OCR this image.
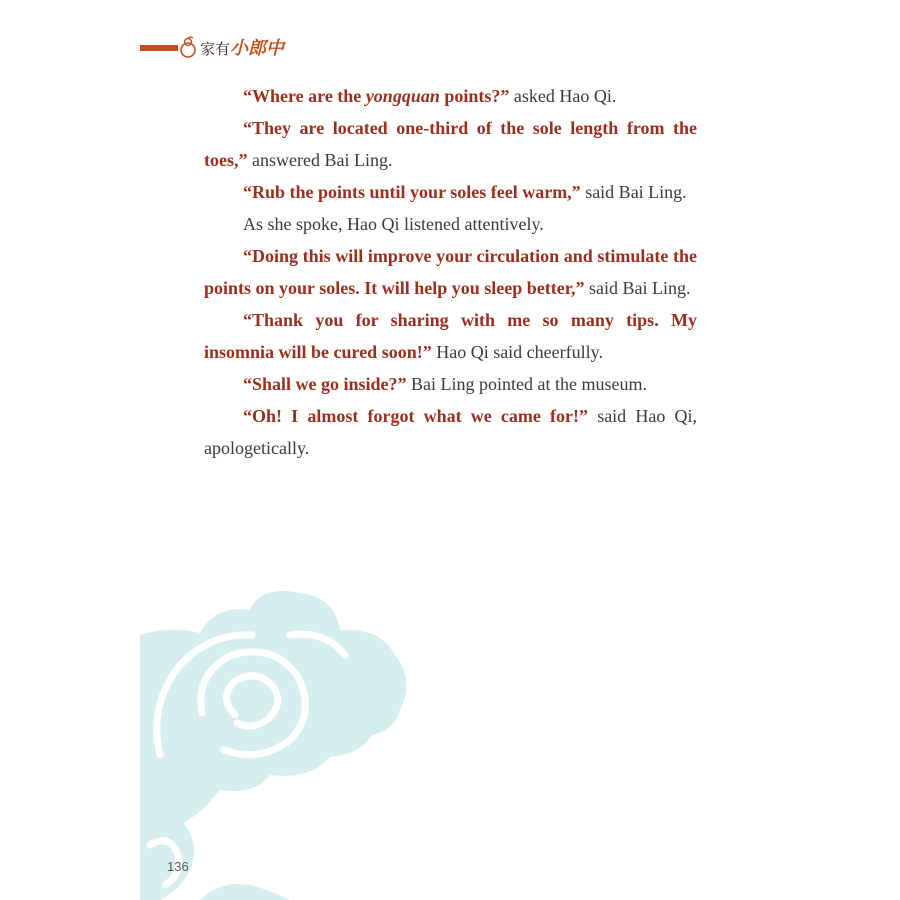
家有小郎中

“Where are the yongquan points?” asked Hao Qi.

“They are located one-third of the sole length from the toes,” answered Bai Ling.

“Rub the points until your soles feel warm,” said Bai Ling.

As she spoke, Hao Qi listened attentively.

“Doing this will improve your circulation and stimulate the points on your soles. It will help you sleep better,” said Bai Ling.

“Thank you for sharing with me so many tips. My insomnia will be cured soon!” Hao Qi said cheerfully.

“Shall we go inside?” Bai Ling pointed at the museum.

“Oh! I almost forgot what we came for!” said Hao Qi, apologetically.

136
